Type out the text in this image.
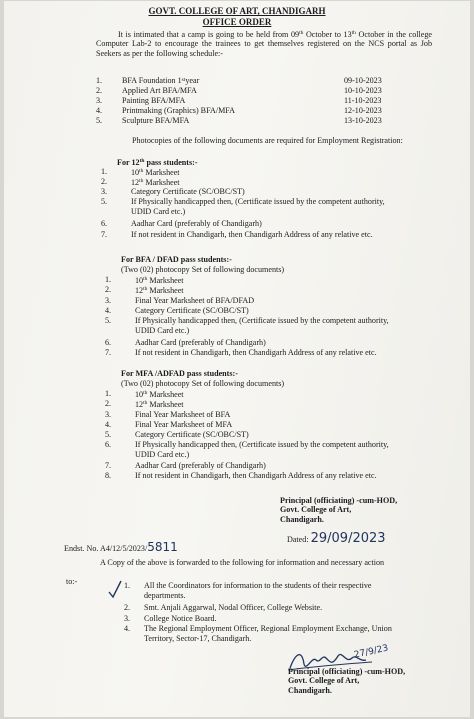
GOVT. COLLEGE OF ART, CHANDIGARH
OFFICE ORDER
It is intimated that a camp is going to be held from 09th October to 13th October in the college Computer Lab-2 to encourage the trainees to get themselves registered on the NCS portal as Job Seekers as per the following schedule:-
1.	BFA Foundation 1 st year	09-10-2023
2.	Applied Art BFA/MFA	10-10-2023
3.	Painting BFA/MFA	11-10-2023
4.	Printmaking (Graphics) BFA/MFA	12-10-2023
5.	Sculpture BFA/MFA	13-10-2023
Photocopies of the following documents are required for Employment Registration:
For 12th pass students:-
1.	10th Marksheet
2.	12th Marksheet
3.	Category Certificate (SC/OBC/ST)
5.	If Physically handicapped then, (Certificate issued by the competent authority,
UDID Card etc.)
6.	Aadhar Card (preferably of Chandigarh)
7.	If not resident in Chandigarh, then Chandigarh Address of any relative etc.
For BFA / DFAD pass students:-
(Two (02) photocopy Set of following documents)
1.	10th Marksheet
2.	12th Marksheet
3.	Final Year Marksheet of BFA/DFAD
4.	Category Certificate (SC/OBC/ST)
5.	If Physically handicapped then, (Certificate issued by the competent authority,
UDID Card etc.)
6.	Aadhar Card (preferably of Chandigarh)
7.	If not resident in Chandigarh, then Chandigarh Address of any relative etc.
For MFA /ADFAD pass students:-
(Two (02) photocopy Set of following documents)
1.	10th Marksheet
2.	12th Marksheet
3.	Final Year Marksheet of BFA
4.	Final Year Marksheet of MFA
5.	Category Certificate (SC/OBC/ST)
6.	If Physically handicapped then, (Certificate issued by the competent authority,
UDID Card etc.)
7.	Aadhar Card (preferably of Chandigarh)
8.	If not resident in Chandigarh, then Chandigarh Address of any relative etc.
Principal (officiating) -cum-HOD,
Govt. College of Art,
Chandigarh.
Endst. No. A4/12/5/2023/5811
Dated: 29/09/2023
A Copy of the above is forwarded to the following for information and necessary action
to:-	1.	All the Coordinators for information to the students of their respective
departments.
2.	Smt. Anjali Aggarwal, Nodal Officer, College Website.
3.	College Notice Board.
4.	The Regional Employment Officer, Regional Employment Exchange, Union
Territory, Sector-17, Chandigarh.
27/9/23
Principal (officiating) -cum-HOD,
Govt. College of Art,
Chandigarh.
